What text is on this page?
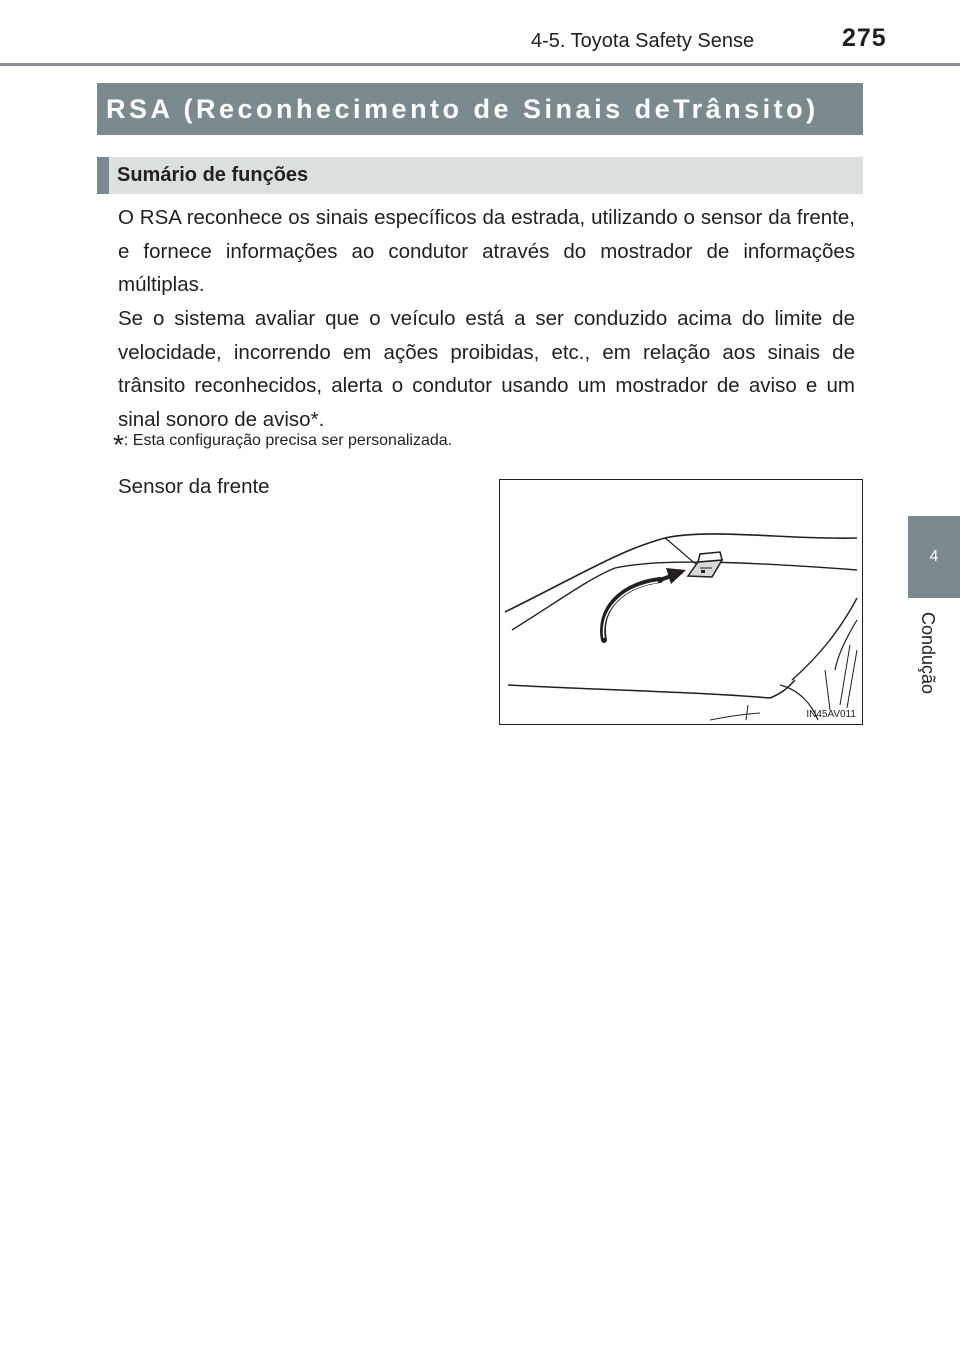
4-5. Toyota Safety Sense	275
4
Condução
RSA (Reconhecimento de Sinais deTrânsito)
Sumário de funções

O RSA reconhece os sinais específicos da estrada, utilizando o sensor da frente, e fornece informações ao condutor através do mostrador de informações múltiplas.

Se o sistema avaliar que o veículo está a ser conduzido acima do limite de velocidade, incorrendo em ações proibidas, etc., em relação aos sinais de trânsito reconhecidos, alerta o condutor usando um mostrador de aviso e um sinal sonoro de aviso*.

*: Esta configuração precisa ser personalizada.
Sensor da frente
IN45AV011
